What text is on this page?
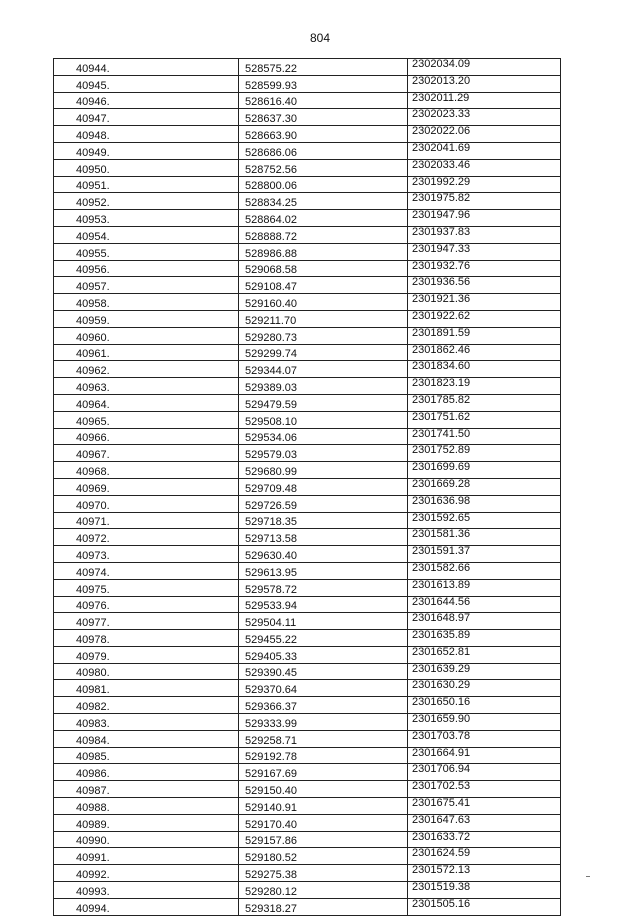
804
40944.	528575.22	2302034.09
40945.	528599.93	2302013.20
40946.	528616.40	2302011.29
40947.	528637.30	2302023.33
40948.	528663.90	2302022.06
40949.	528686.06	2302041.69
40950.	528752.56	2302033.46
40951.	528800.06	2301992.29
40952.	528834.25	2301975.82
40953.	528864.02	2301947.96
40954.	528888.72	2301937.83
40955.	528986.88	2301947.33
40956.	529068.58	2301932.76
40957.	529108.47	2301936.56
40958.	529160.40	2301921.36
40959.	529211.70	2301922.62
40960.	529280.73	2301891.59
40961.	529299.74	2301862.46
40962.	529344.07	2301834.60
40963.	529389.03	2301823.19
40964.	529479.59	2301785.82
40965.	529508.10	2301751.62
40966.	529534.06	2301741.50
40967.	529579.03	2301752.89
40968.	529680.99	2301699.69
40969.	529709.48	2301669.28
40970.	529726.59	2301636.98
40971.	529718.35	2301592.65
40972.	529713.58	2301581.36
40973.	529630.40	2301591.37
40974.	529613.95	2301582.66
40975.	529578.72	2301613.89
40976.	529533.94	2301644.56
40977.	529504.11	2301648.97
40978.	529455.22	2301635.89
40979.	529405.33	2301652.81
40980.	529390.45	2301639.29
40981.	529370.64	2301630.29
40982.	529366.37	2301650.16
40983.	529333.99	2301659.90
40984.	529258.71	2301703.78
40985.	529192.78	2301664.91
40986.	529167.69	2301706.94
40987.	529150.40	2301702.53
40988.	529140.91	2301675.41
40989.	529170.40	2301647.63
40990.	529157.86	2301633.72
40991.	529180.52	2301624.59
40992.	529275.38	2301572.13
40993.	529280.12	2301519.38
40994.	529318.27	2301505.16
